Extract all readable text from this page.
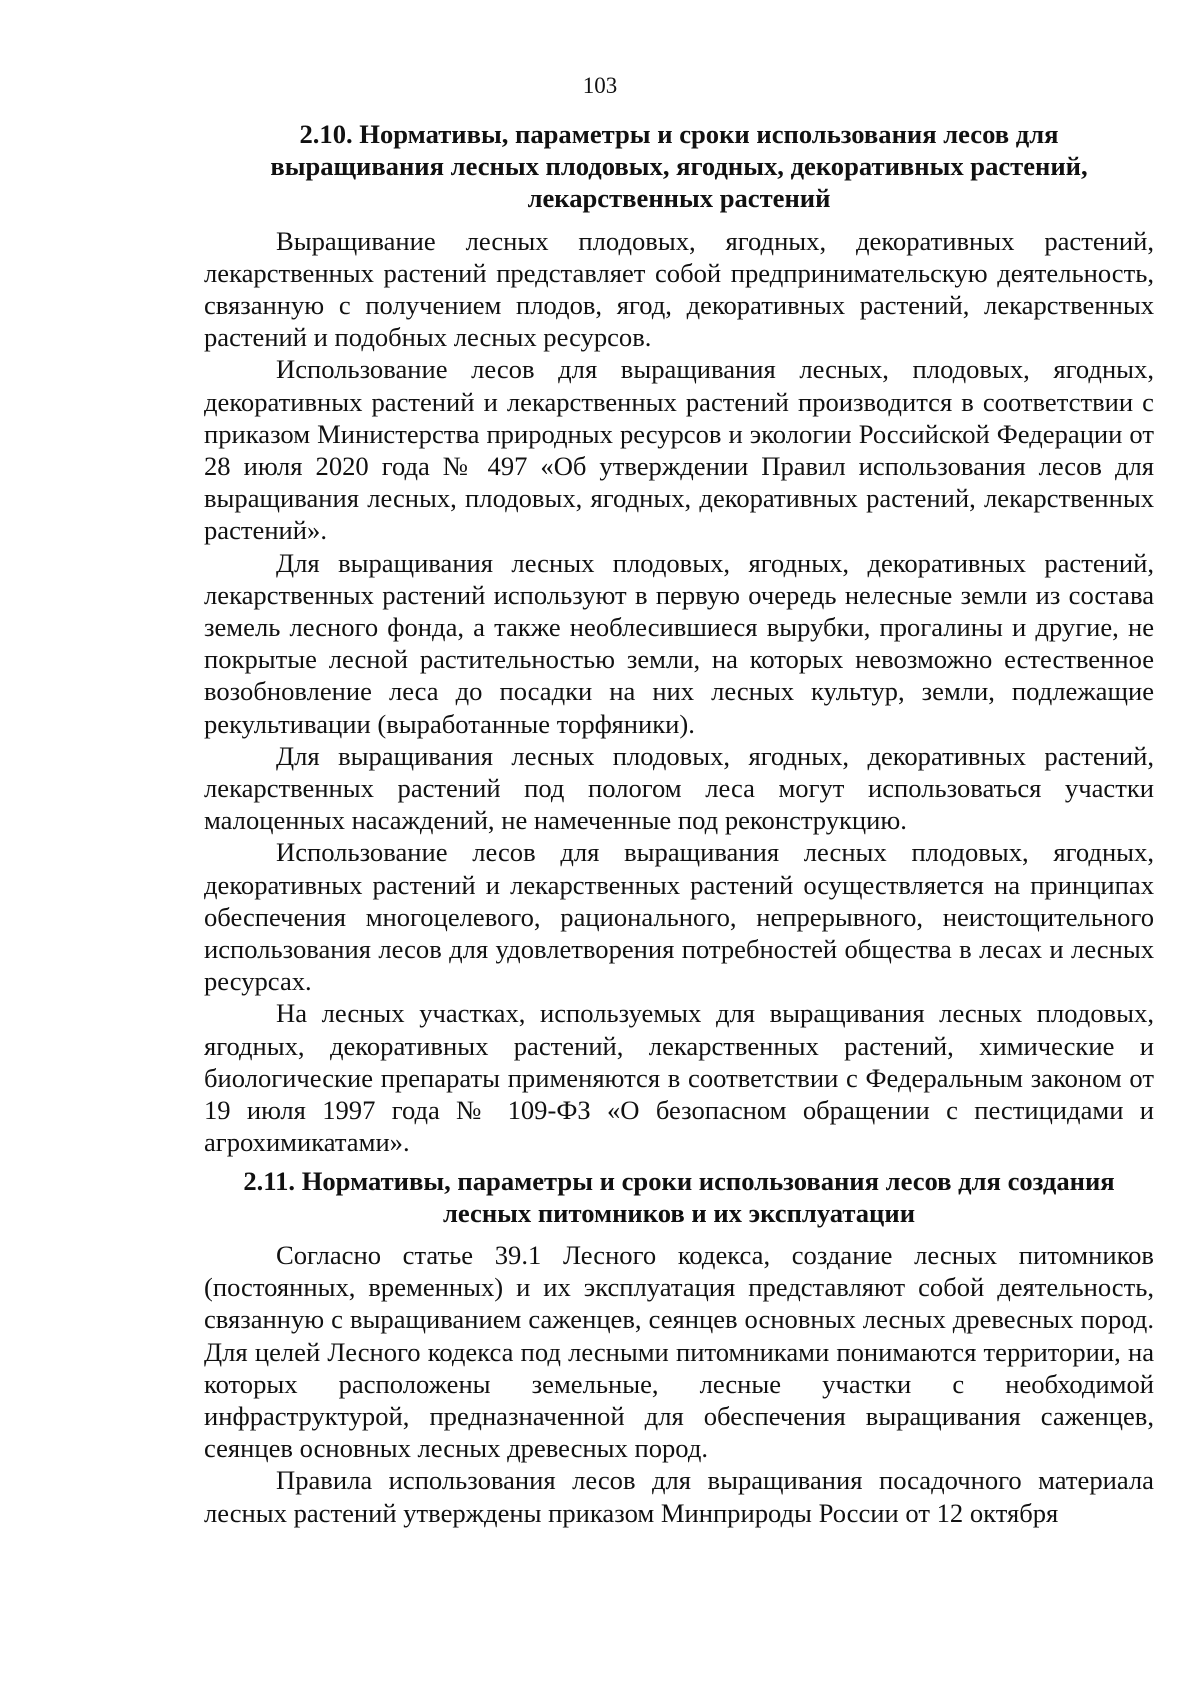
103
2.10. Нормативы, параметры и сроки использования лесов для
выращивания лесных плодовых, ягодных, декоративных растений,
лекарственных растений

Выращивание лесных плодовых, ягодных, декоративных растений, лекарственных растений представляет собой предпринимательскую деятельность, связанную с получением плодов, ягод, декоративных растений, лекарственных растений и подобных лесных ресурсов.

Использование лесов для выращивания лесных, плодовых, ягодных, декоративных растений и лекарственных растений производится в соответствии с приказом Министерства природных ресурсов и экологии Российской Федерации от 28 июля 2020 года № 497 «Об утверждении Правил использования лесов для выращивания лесных, плодовых, ягодных, декоративных растений, лекарственных растений».

Для выращивания лесных плодовых, ягодных, декоративных растений, лекарственных растений используют в первую очередь нелесные земли из состава земель лесного фонда, а также необлесившиеся вырубки, прогалины и другие, не покрытые лесной растительностью земли, на которых невозможно естественное возобновление леса до посадки на них лесных культур, земли, подлежащие рекультивации (выработанные торфяники).

Для выращивания лесных плодовых, ягодных, декоративных растений, лекарственных растений под пологом леса могут использоваться участки малоценных насаждений, не намеченные под реконструкцию.

Использование лесов для выращивания лесных плодовых, ягодных, декоративных растений и лекарственных растений осуществляется на принципах обеспечения многоцелевого, рационального, непрерывного, неистощительного использования лесов для удовлетворения потребностей общества в лесах и лесных ресурсах.

На лесных участках, используемых для выращивания лесных плодовых, ягодных, декоративных растений, лекарственных растений, химические и биологические препараты применяются в соответствии с Федеральным законом от 19 июля 1997 года № 109-ФЗ «О безопасном обращении с пестицидами и агрохимикатами».

2.11. Нормативы, параметры и сроки использования лесов для создания
лесных питомников и их эксплуатации

Согласно статье 39.1 Лесного кодекса, создание лесных питомников (постоянных, временных) и их эксплуатация представляют собой деятельность, связанную с выращиванием саженцев, сеянцев основных лесных древесных пород. Для целей Лесного кодекса под лесными питомниками понимаются территории, на которых расположены земельные, лесные участки с необходимой инфраструктурой, предназначенной для обеспечения выращивания саженцев, сеянцев основных лесных древесных пород.

Правила использования лесов для выращивания посадочного материала лесных растений утверждены приказом Минприроды России от 12 октября
